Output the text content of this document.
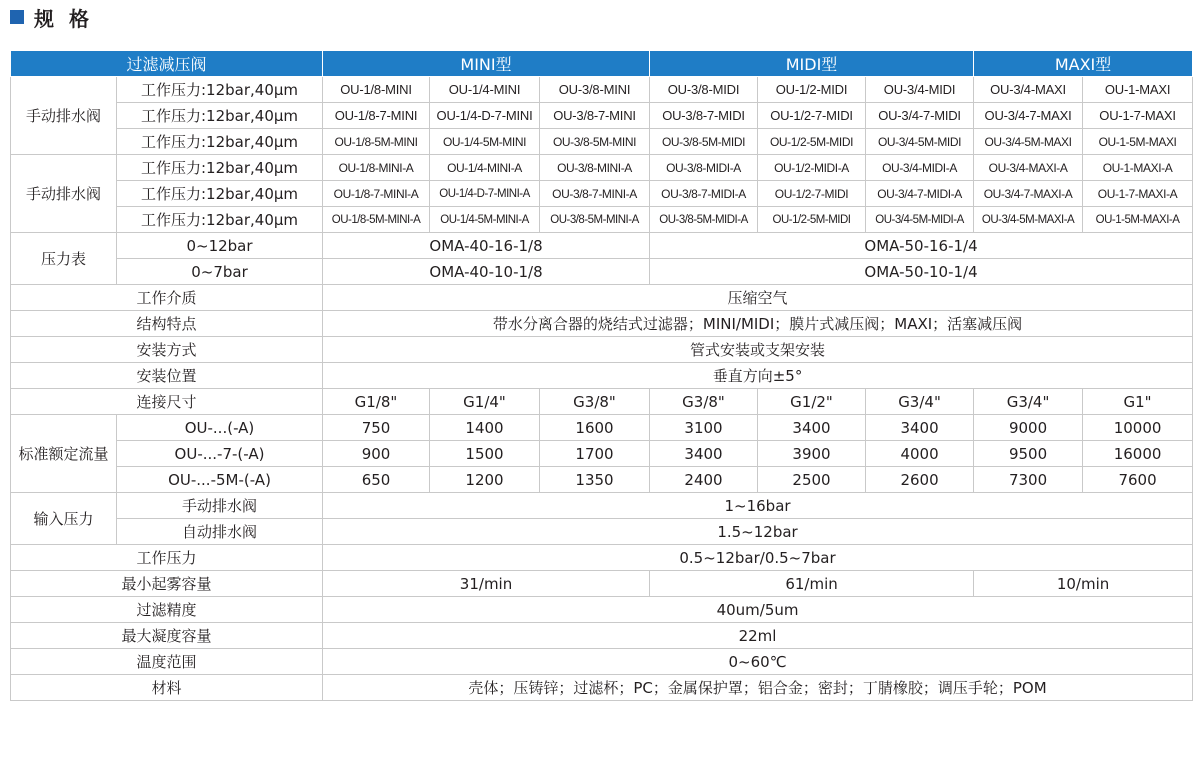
规 格
过滤减压阀		MINI型			MIDI型			MAXI型	
手动排水阀	工作压力:12bar,40μm	OU-1/8-MINI	OU-1/4-MINI	OU-3/8-MINI	OU-3/8-MIDI	OU-1/2-MIDI	OU-3/4-MIDI	OU-3/4-MAXI	OU-1-MAXI
	工作压力:12bar,40μm	OU-1/8-7-MINI	OU-1/4-D-7-MINI	OU-3/8-7-MINI	OU-3/8-7-MIDI	OU-1/2-7-MIDI	OU-3/4-7-MIDI	OU-3/4-7-MAXI	OU-1-7-MAXI
	工作压力:12bar,40μm	OU-1/8-5M-MINI	OU-1/4-5M-MINI	OU-3/8-5M-MINI	OU-3/8-5M-MIDI	OU-1/2-5M-MIDI	OU-3/4-5M-MIDI	OU-3/4-5M-MAXI	OU-1-5M-MAXI
手动排水阀	工作压力:12bar,40μm	OU-1/8-MINI-A	OU-1/4-MINI-A	OU-3/8-MINI-A	OU-3/8-MIDI-A	OU-1/2-MIDI-A	OU-3/4-MIDI-A	OU-3/4-MAXI-A	OU-1-MAXI-A
	工作压力:12bar,40μm	OU-1/8-7-MINI-A	OU-1/4-D-7-MINI-A	OU-3/8-7-MINI-A	OU-3/8-7-MIDI-A	OU-1/2-7-MIDI	OU-3/4-7-MIDI-A	OU-3/4-7-MAXI-A	OU-1-7-MAXI-A
	工作压力:12bar,40μm	OU-1/8-5M-MINI-A	OU-1/4-5M-MINI-A	OU-3/8-5M-MINI-A	OU-3/8-5M-MIDI-A	OU-1/2-5M-MIDI	OU-3/4-5M-MIDI-A	OU-3/4-5M-MAXI-A	OU-1-5M-MAXI-A
压力表	0~12bar	OMA-40-16-1/8			OMA-50-16-1/4				
	0~7bar	OMA-40-10-1/8			OMA-50-10-1/4				
工作介质		压缩空气							
结构特点		带水分离合器的烧结式过滤器；MINI/MIDI；膜片式减压阀；MAXI；活塞减压阀							
安装方式		管式安装或支架安装							
安装位置		垂直方向±5°							
连接尺寸		G1/8"	G1/4"	G3/8"	G3/8"	G1/2"	G3/4"	G3/4"	G1"
标准额定流量	OU-...(-A)	750	1400	1600	3100	3400	3400	9000	10000
	OU-...-7-(-A)	900	1500	1700	3400	3900	4000	9500	16000
	OU-...-5M-(-A)	650	1200	1350	2400	2500	2600	7300	7600
输入压力	手动排水阀	1~16bar							
	自动排水阀	1.5~12bar							
工作压力		0.5~12bar/0.5~7bar							
最小起雾容量		31/min			61/min			10/min	
过滤精度		40um/5um							
最大凝度容量		22ml							
温度范围		0~60℃							
材料		壳体；压铸锌；过滤杯；PC；金属保护罩；铝合金；密封；丁腈橡胶；调压手轮；POM							
